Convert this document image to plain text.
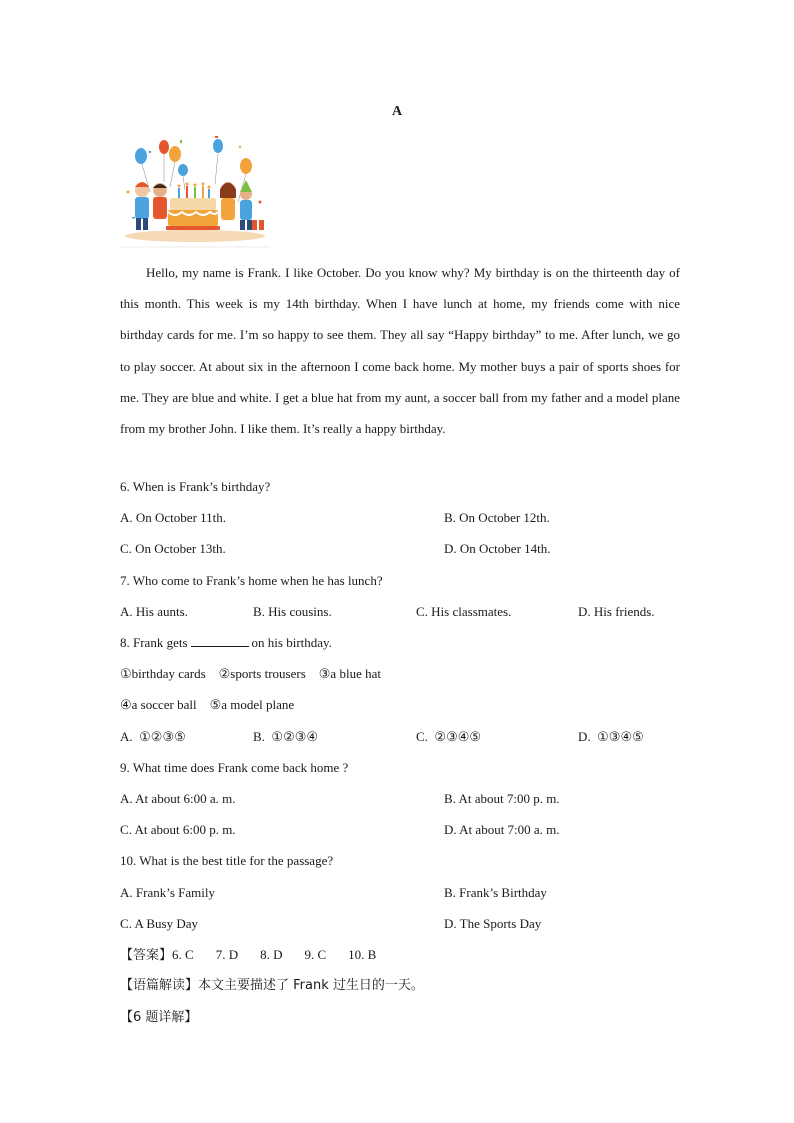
A
Hello, my name is Frank. I like October. Do you know why? My birthday is on the thirteenth day of this month. This week is my 14th birthday. When I have lunch at home, my friends come with nice birthday cards for me. I’m so happy to see them. They all say “Happy birthday” to me. After lunch, we go to play soccer. At about six in the afternoon I come back home. My mother buys a pair of sports shoes for me. They are blue and white. I get a blue hat from my aunt, a soccer ball from my father and a model plane from my brother John. I like them. It’s really a happy birthday.
6. When is Frank’s birthday?
A. On October 11th.	B. On October 12th.
C. On October 13th.	D. On October 14th.
7. Who come to Frank’s home when he has lunch?
A. His aunts.	B. His cousins.	C. His classmates.	D. His friends.
8. Frank gets	on his birthday.
①birthday cards    ②sports trousers    ③a blue hat
④a soccer ball    ⑤a model plane
A.  ①②③⑤	B.  ①②③④	C.  ②③④⑤	D.  ①③④⑤
9. What time does Frank come back home ?
A. At about 6:00 a. m.	B. At about 7:00 p. m.
C. At about 6:00 p. m.	D. At about 7:00 a. m.
10. What is the best title for the passage?
A. Frank’s Family	B. Frank’s Birthday
C. A Busy Day	D. The Sports Day
【答案】6. C 7. D 8. D 9. C 10. B
【语篇解读】本文主要描述了 Frank 过生日的一天。
【6 题详解】
